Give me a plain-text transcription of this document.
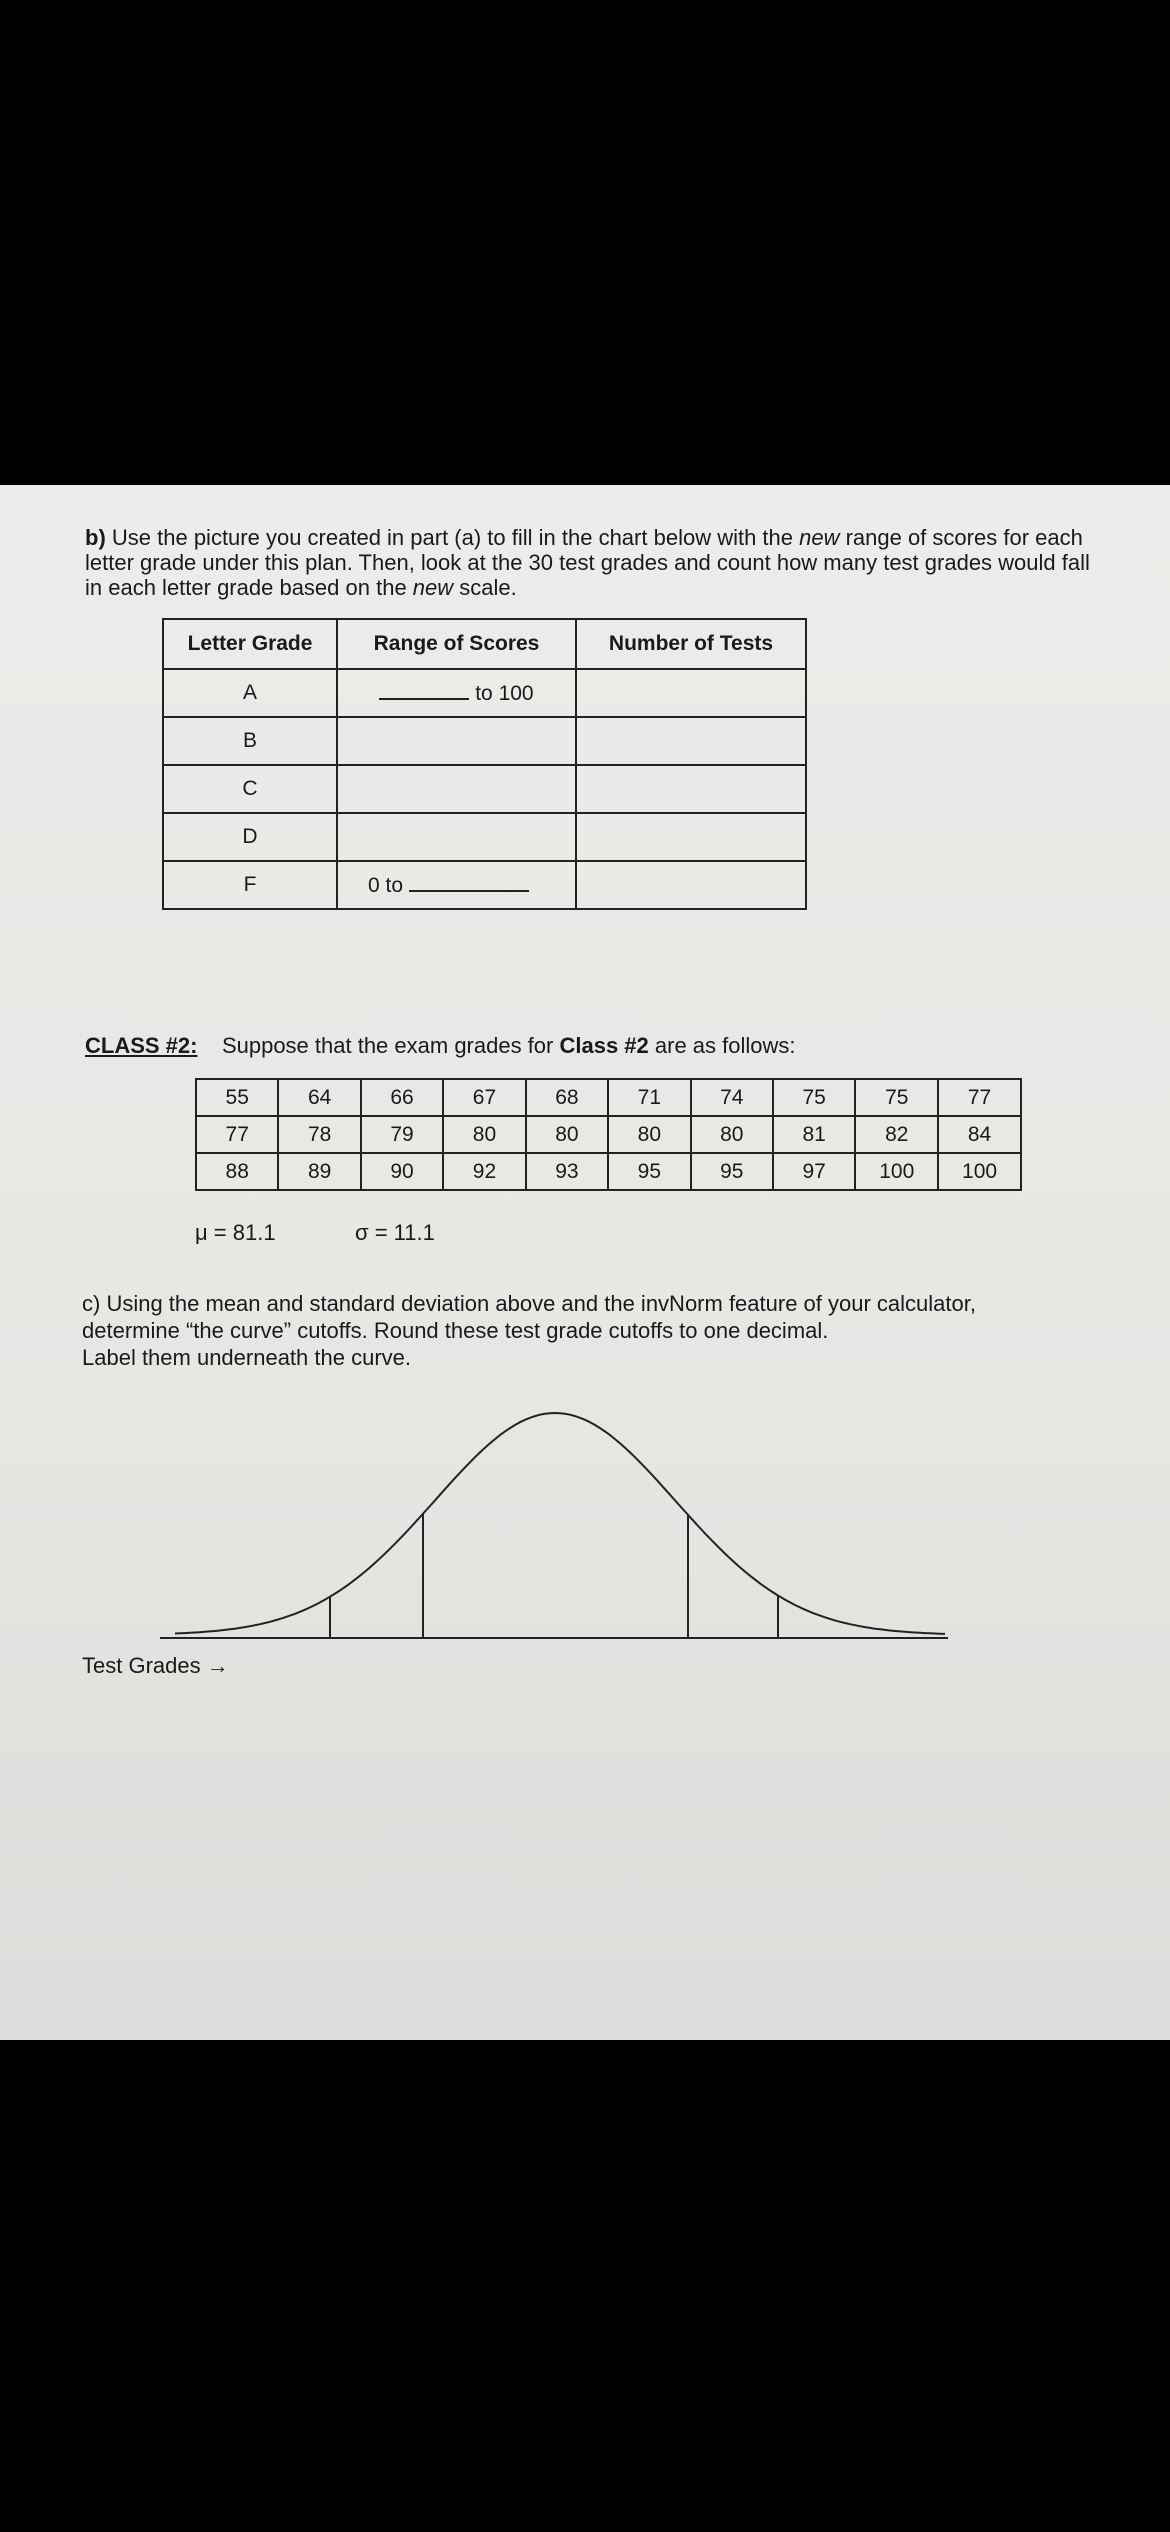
b) Use the picture you created in part (a) to fill in the chart below with the new range of scores for each letter grade under this plan. Then, look at the 30 test grades and count how many test grades would fall in each letter grade based on the new scale.
Letter Grade	Range of Scores	Number of Tests
A	to 100	
B		
C		
D		
F	0 to	
CLASS #2: Suppose that the exam grades for Class #2 are as follows:
55	64	66	67	68	71	74	75	75	77
77	78	79	80	80	80	80	81	82	84
88	89	90	92	93	95	95	97	100	100
μ = 81.1	σ = 11.1
c) Using the mean and standard deviation above and the invNorm feature of your calculator,
determine “the curve” cutoffs. Round these test grade cutoffs to one decimal.
Label them underneath the curve.
Test Grades →
